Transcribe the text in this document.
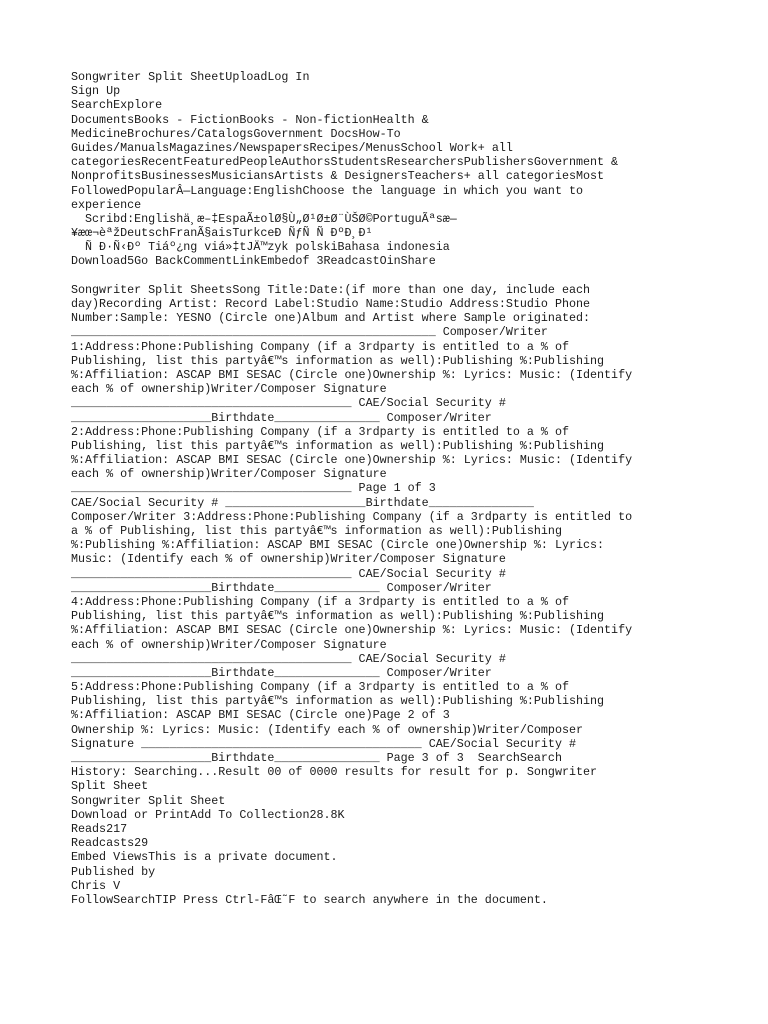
Songwriter Split SheetUploadLog In
Sign Up
SearchExplore
DocumentsBooks - FictionBooks - Non-fictionHealth &
MedicineBrochures/CatalogsGovernment DocsHow-To
Guides/ManualsMagazines/NewspapersRecipes/MenusSchool Work+ all
categoriesRecentFeaturedPeopleAuthorsStudentsResearchersPublishersGovernment &
NonprofitsBusinessesMusiciansArtists & DesignersTeachers+ all categoriesMost
FollowedPopularÂ—Language:EnglishChoose the language in which you want to
experience
Scribd:Englishä¸æ–‡EspaÃ±olØ§Ù„Ø¹Ø±Ø¨ÙŠØ©PortuguÃªsæ—
¥æœ¬èªžDeutschFranÃ§aisTurkceÐ ÑƒÑ Ñ ÐºÐ¸Ð¹
Ñ Ð·Ñ‹Ðº Tiáº¿ng viá»‡tJÄ™zyk polskiBahasa indonesia
Download5Go BackCommentLinkEmbedof 3ReadcastOinShare
Songwriter Split SheetsSong Title:Date:(if more than one day, include each
day)Recording Artist: Record Label:Studio Name:Studio Address:Studio Phone
Number:Sample: YESNO (Circle one)Album and Artist where Sample originated:
____________________________________________________ Composer/Writer
1:Address:Phone:Publishing Company (if a 3rdparty is entitled to a % of
Publishing, list this partyâ€™s information as well):Publishing %:Publishing
%:Affiliation: ASCAP BMI SESAC (Circle one)Ownership %: Lyrics: Music: (Identify
each % of ownership)Writer/Composer Signature
________________________________________ CAE/Social Security #
____________________Birthdate_______________ Composer/Writer
2:Address:Phone:Publishing Company (if a 3rdparty is entitled to a % of
Publishing, list this partyâ€™s information as well):Publishing %:Publishing
%:Affiliation: ASCAP BMI SESAC (Circle one)Ownership %: Lyrics: Music: (Identify
each % of ownership)Writer/Composer Signature
________________________________________ Page 1 of 3
CAE/Social Security # ____________________Birthdate_______________
Composer/Writer 3:Address:Phone:Publishing Company (if a 3rdparty is entitled to
a % of Publishing, list this partyâ€™s information as well):Publishing
%:Publishing %:Affiliation: ASCAP BMI SESAC (Circle one)Ownership %: Lyrics:
Music: (Identify each % of ownership)Writer/Composer Signature
________________________________________ CAE/Social Security #
____________________Birthdate_______________ Composer/Writer
4:Address:Phone:Publishing Company (if a 3rdparty is entitled to a % of
Publishing, list this partyâ€™s information as well):Publishing %:Publishing
%:Affiliation: ASCAP BMI SESAC (Circle one)Ownership %: Lyrics: Music: (Identify
each % of ownership)Writer/Composer Signature
________________________________________ CAE/Social Security #
____________________Birthdate_______________ Composer/Writer
5:Address:Phone:Publishing Company (if a 3rdparty is entitled to a % of
Publishing, list this partyâ€™s information as well):Publishing %:Publishing
%:Affiliation: ASCAP BMI SESAC (Circle one)Page 2 of 3
Ownership %: Lyrics: Music: (Identify each % of ownership)Writer/Composer
Signature ________________________________________ CAE/Social Security #
____________________Birthdate_______________ Page 3 of 3  SearchSearch
History: Searching...Result 00 of 0000 results for result for p. Songwriter
Split Sheet
Songwriter Split Sheet
Download or PrintAdd To Collection28.8K
Reads217
Readcasts29
Embed ViewsThis is a private document.
Published by
Chris V
FollowSearchTIP Press Ctrl-FâŒ˜F to search anywhere in the document.
